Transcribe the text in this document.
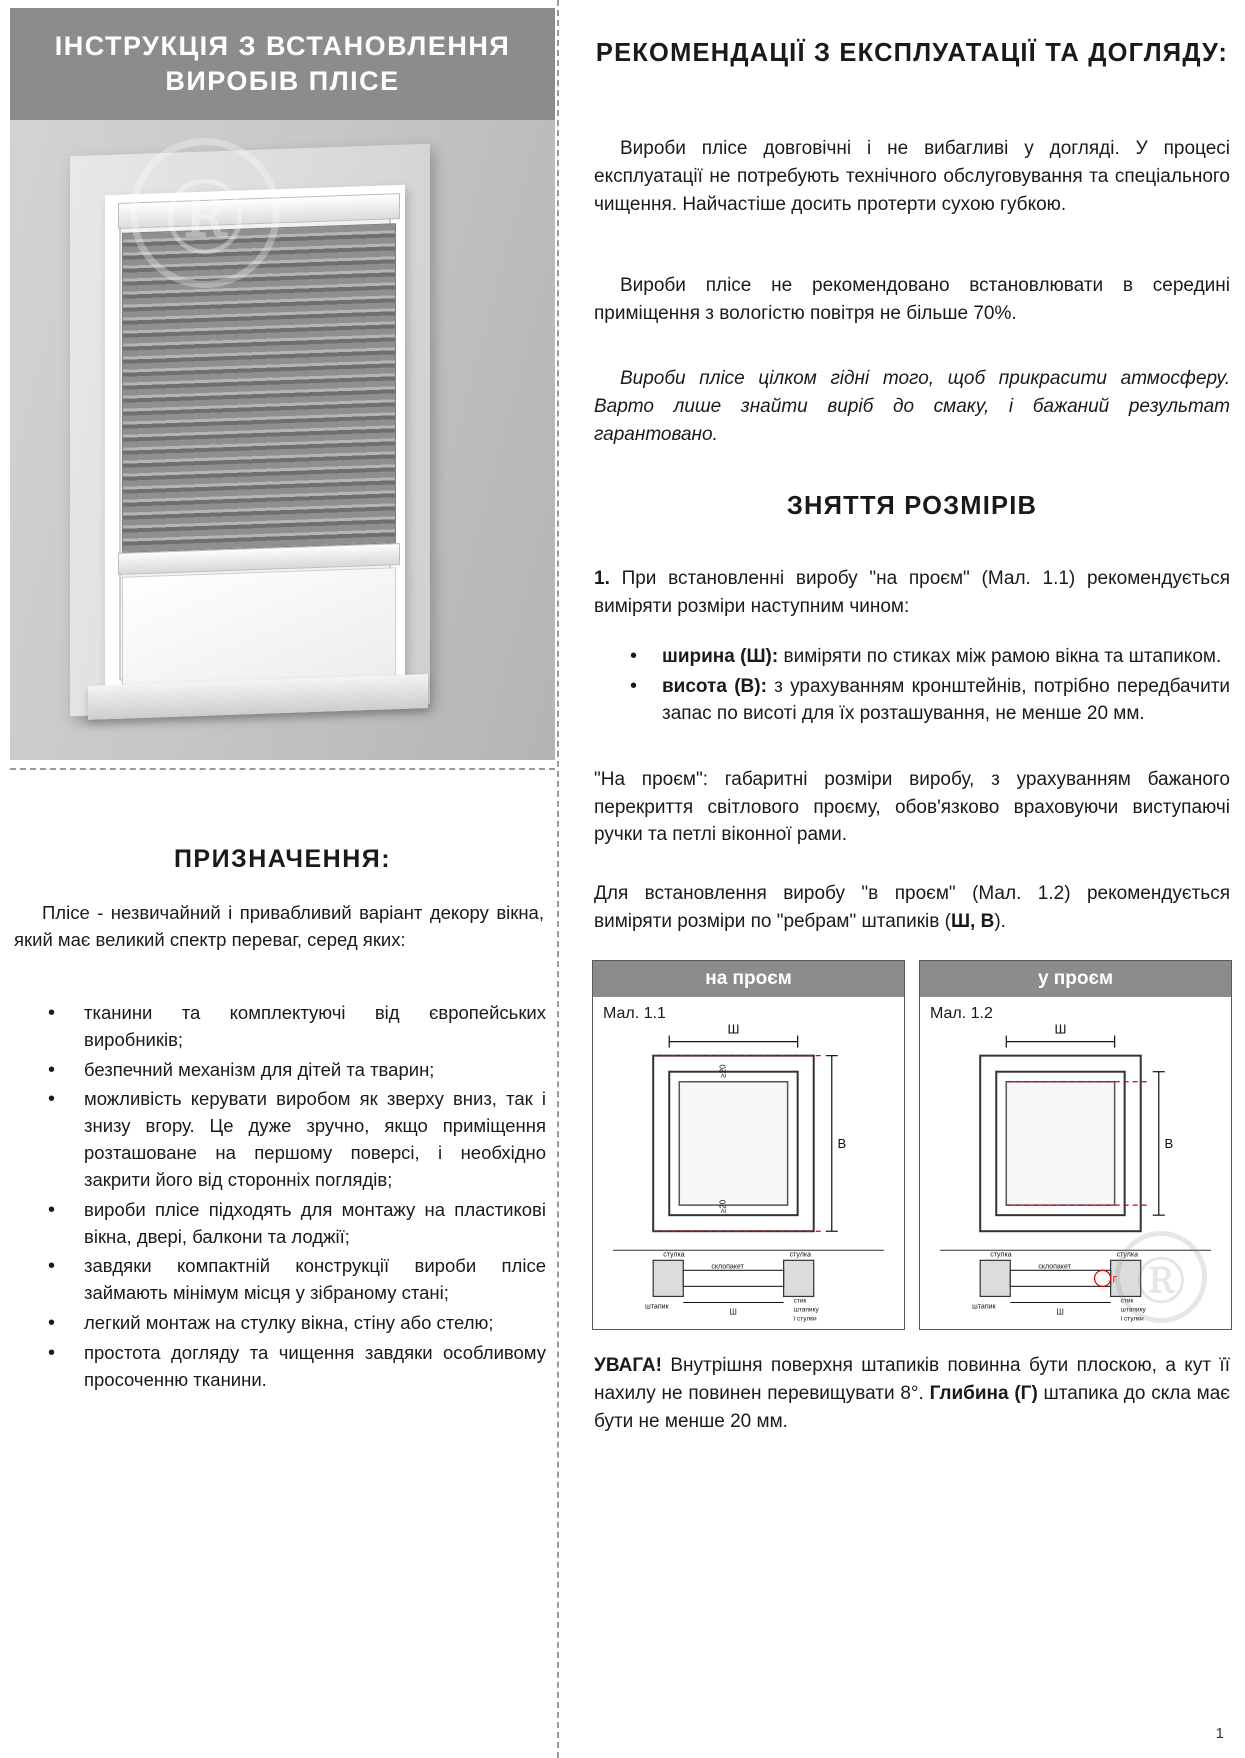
ІНСТРУКЦІЯ З ВСТАНОВЛЕННЯ ВИРОБІВ ПЛІСЕ
Ⓡ
ПРИЗНАЧЕННЯ:
Пліcе - незвичайний і привабливий варіант декору вікна, який має великий спектр переваг, серед яких:
• тканини та комплектуючі від європейських виробників;
• безпечний механізм для дітей та тварин;
• можливість керувати виробом як зверху вниз, так і знизу вгору. Це дуже зручно, якщо приміщення розташоване на першому поверсі, і необхідно закрити його від сторонніх поглядів;
• вироби пліcе підходять для монтажу на пластикові вікна, двері, балкони та лоджії;
• завдяки компактній конструкції вироби пліcе займають мінімум місця у зібраному стані;
• легкий монтаж на стулку вікна, стіну або стелю;
• простота догляду та чищення завдяки особливому просоченню тканини.
РЕКОМЕНДАЦІЇ З ЕКСПЛУАТАЦІЇ ТА ДОГЛЯДУ:
Вироби пліcе довговічні і не вибагливі у догляді. У процесі експлуатації не потребують технічного обслуговування та спеціального чищення. Найчастіше досить протерти сухою губкою.
Вироби пліcе не рекомендовано встановлювати в середині приміщення з вологістю повітря не більше 70%.
Вироби пліcе цілком гідні того, щоб прикрасити атмосферу. Варто лише знайти виріб до смаку, і бажаний результат гарантовано.
ЗНЯТТЯ РОЗМІРІВ
1. При встановленні виробу "на проєм" (Мал. 1.1) рекомендується виміряти розміри наступним чином:
• ширина (Ш): виміряти по стиках між рамою вікна та штапиком.
• висота (В): з урахуванням кронштейнів, потрібно передбачити запас по висоті для їх розташування, не менше 20 мм.
"На проєм": габаритні розміри виробу, з урахуванням бажаного перекриття світлового проєму, обов'язково враховуючи виступаючі ручки та петлі віконної рами.
Для встановлення виробу "в проєм" (Мал. 1.2) рекомендується виміряти розміри по "ребрам" штапиків (Ш, В).
на проєм
Мал. 1.1
Ш
В
≥20
≥20
стулка
склопакет
стулка
штапик
Ш
стик
штапику
і стулки
у проєм
Мал. 1.2
Ш
В
стулка
склопакет
стулка
штапик
Ш
Г
стик
штапику
і стулки
Ⓡ
УВАГА! Внутрішня поверхня штапиків повинна бути плоскою, а кут її нахилу не повинен перевищувати 8°. Глибина (Г) штапика до скла має бути не менше 20 мм.
1
